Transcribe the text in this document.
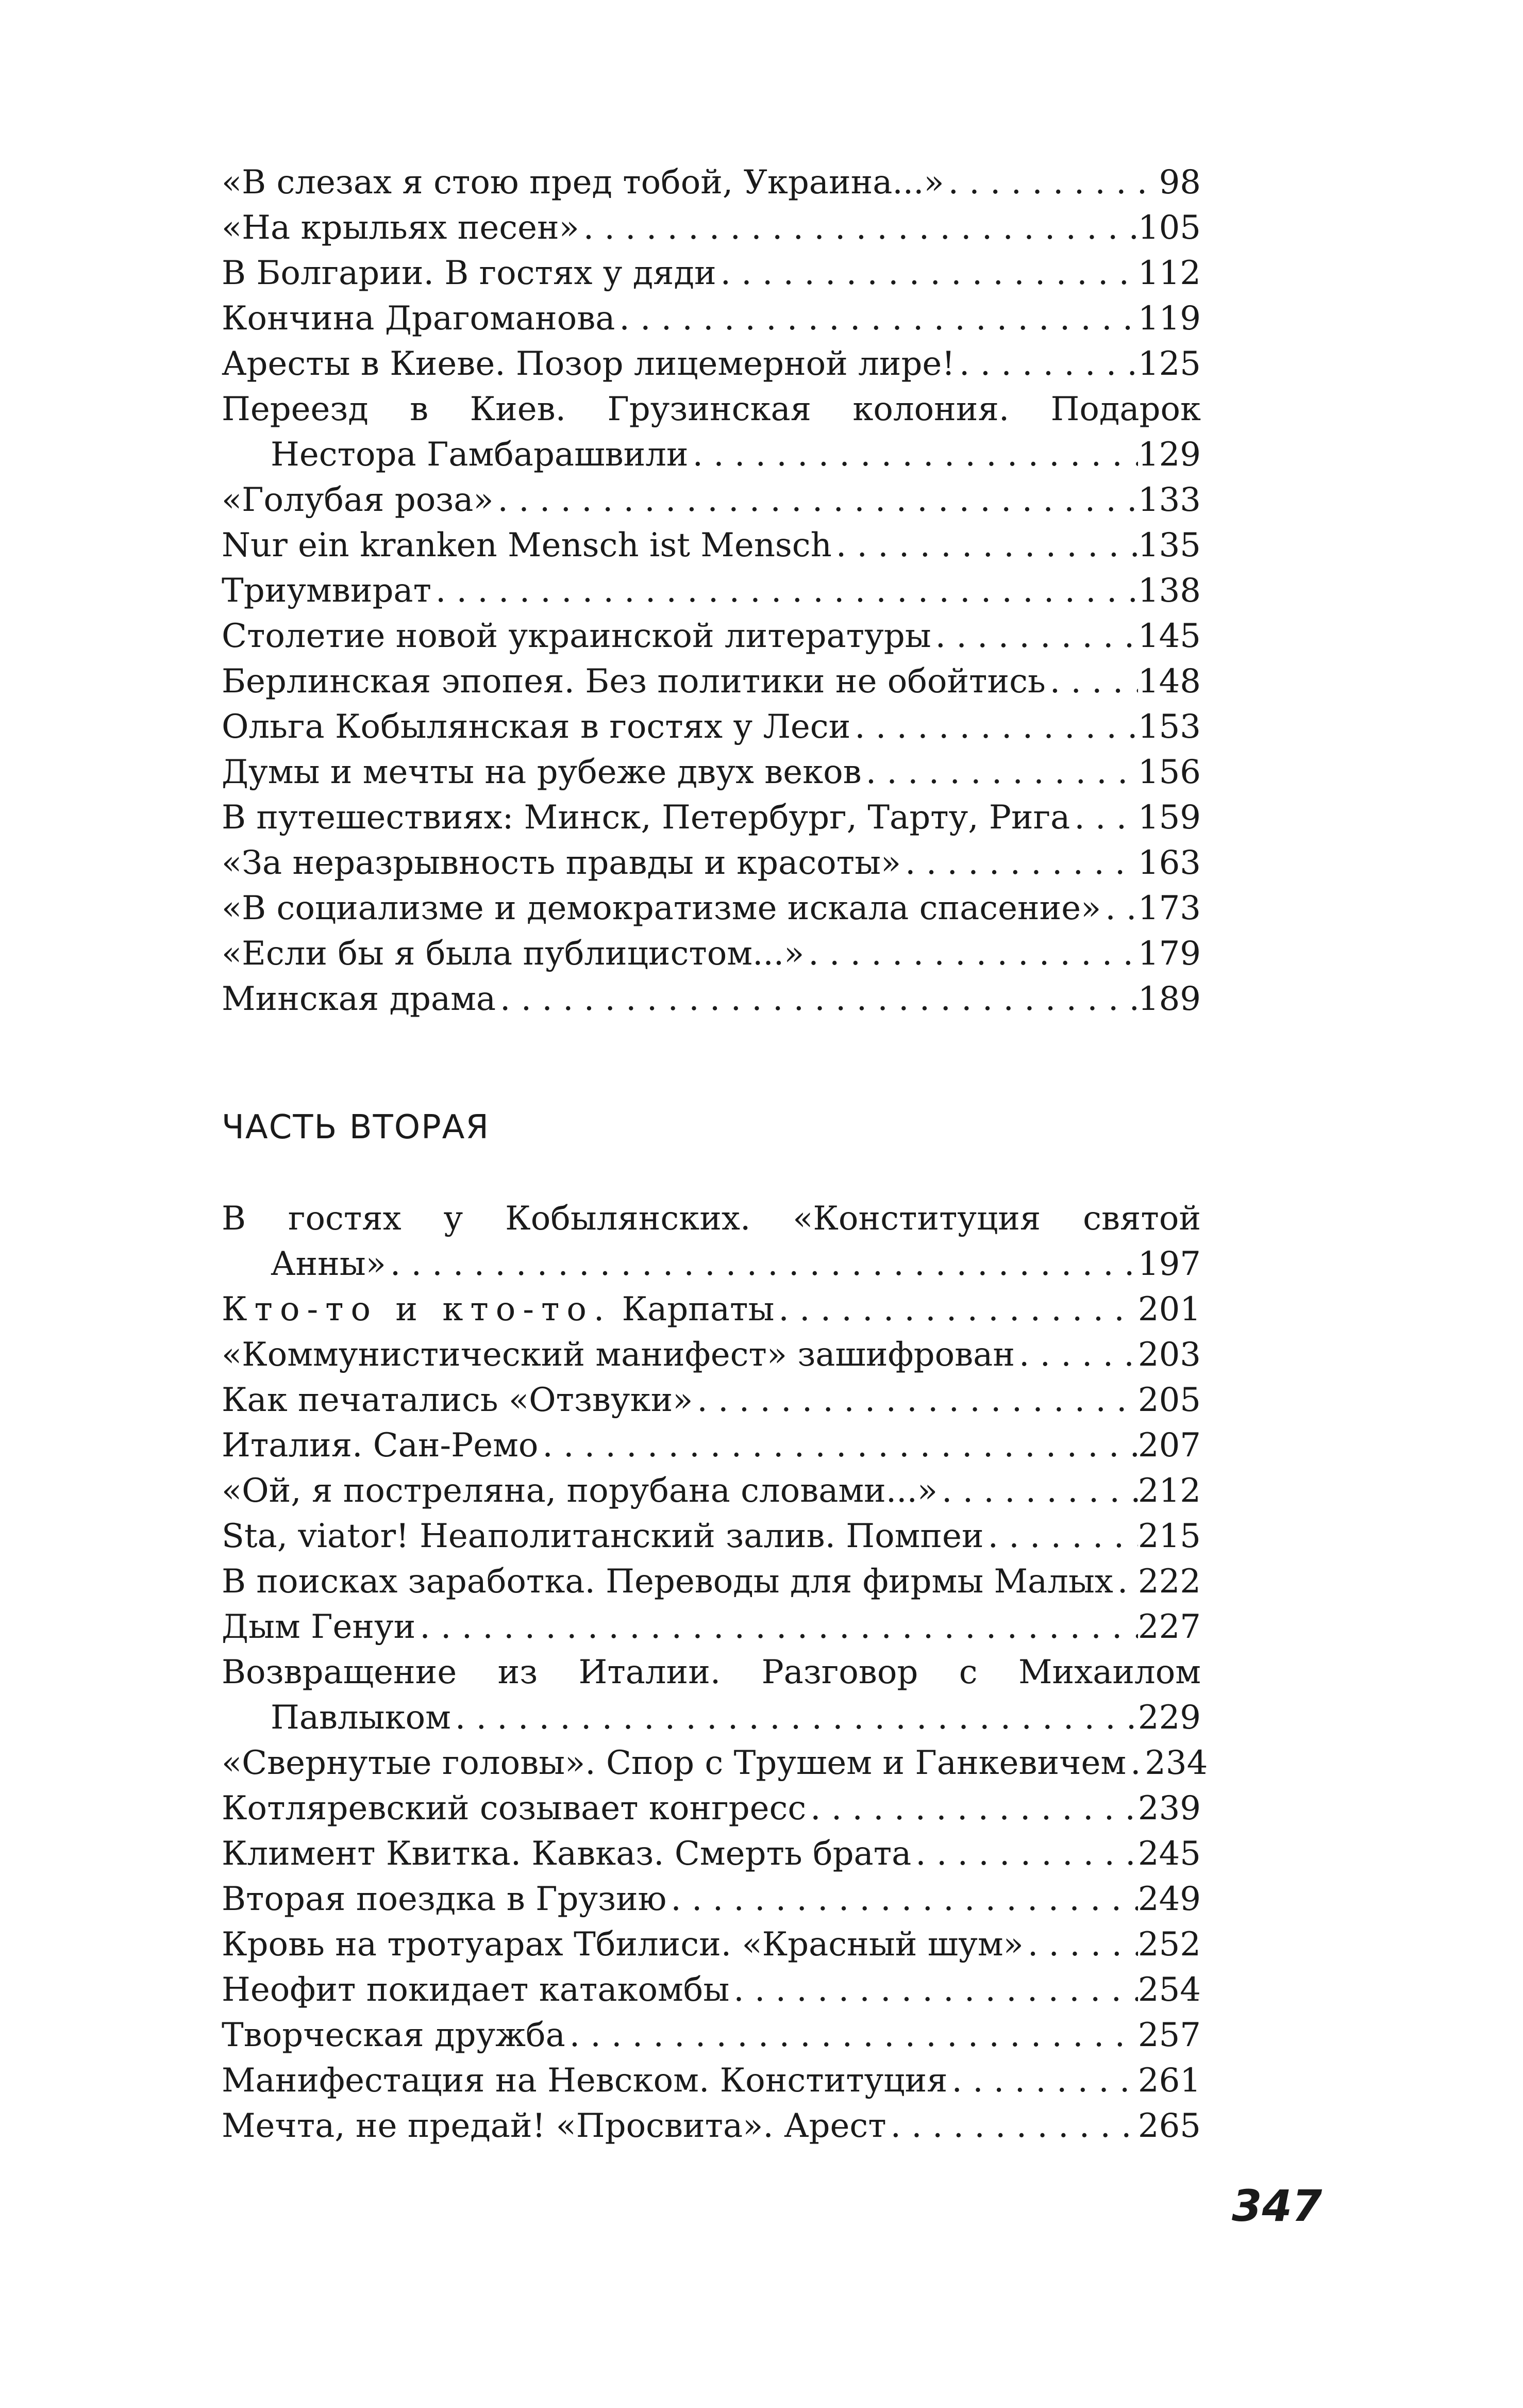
«В слезах я стою пред тобой, Украина...» . . .	98
«На крыльях песен» . . .	105
В Болгарии. В гостях у дяди . . .	112
Кончина Драгоманова . . .	119
Аресты в Киеве. Позор лицемерной лире! . . .	125
Переезд в Киев. Грузинская колония. Подарок
Нестора Гамбарашвили . . .	129
«Голубая роза» . . .	133
Nur ein kranken Mensch ist Mensch . . .	135
Триумвират . . .	138
Столетие новой украинской литературы . . .	145
Берлинская эпопея. Без политики не обойтись . . .	148
Ольга Кобылянская в гостях у Леси . . .	153
Думы и мечты на рубеже двух веков . . .	156
В путешествиях: Минск, Петербург, Тарту, Рига . . . 159
«За неразрывность правды и красоты» . . .	163
«В социализме и демократизме искала спасение» . . . 173
«Если бы я была публицистом...» . . .	179
Минская драма . . .	189
ЧАСТЬ ВТОРАЯ
В гостях у Кобылянских. «Конституция святой
Анны» . . .	197
Кто-то и кто-то. Карпаты . . .	201
«Коммунистический манифест» зашифрован . . .	203
Как печатались «Отзвуки» . . .	205
Италия. Сан-Ремо . . .	207
«Ой, я постреляна, порубана словами...» . . .	212
Sta, viator! Неаполитанский залив. Помпеи . . .	215
В поисках заработка. Переводы для фирмы Малых . . . 222
Дым Генуи . . .	227
Возвращение из Италии. Разговор с Михаилом
Павлыком . . .	229
«Свернутые головы». Спор с Трушем и Ганкевичем . . . 234
Котляревский созывает конгресс . . .	239
Климент Квитка. Кавказ. Смерть брата . . .	245
Вторая поездка в Грузию . . .	249
Кровь на тротуарах Тбилиси. «Красный шум» . . .	252
Неофит покидает катакомбы . . .	254
Творческая дружба . . .	257
Манифестация на Невском. Конституция . . .	261
Мечта, не предай! «Просвита». Арест . . .	265
347
